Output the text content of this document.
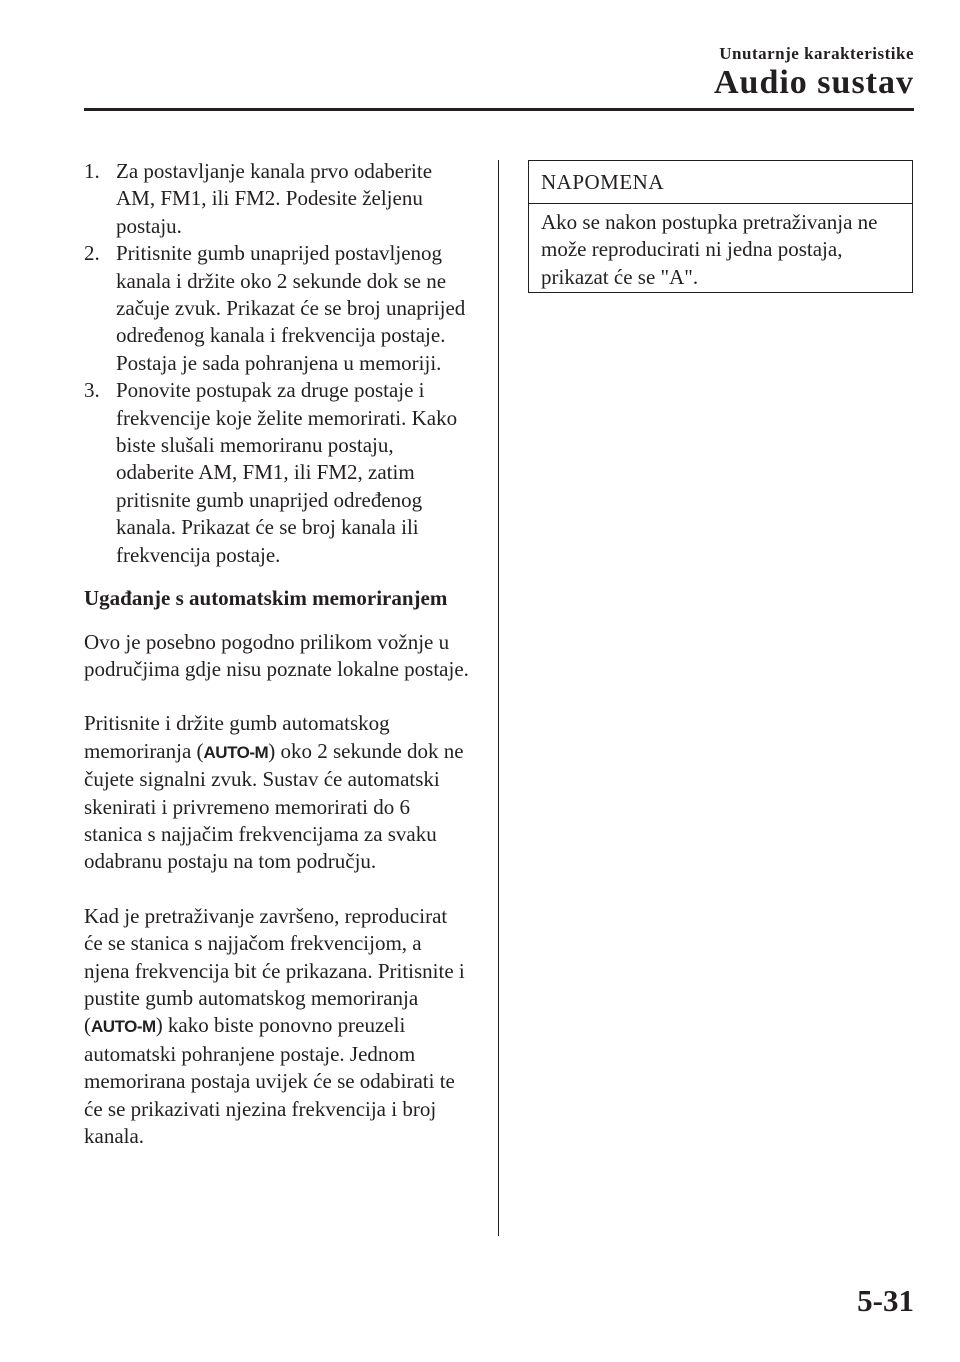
Unutarnje karakteristike
Audio sustav
1. Za postavljanje kanala prvo odaberite AM, FM1, ili FM2. Podesite željenu postaju.
2. Pritisnite gumb unaprijed postavljenog kanala i držite oko 2 sekunde dok se ne začuje zvuk. Prikazat će se broj unaprijed određenog kanala i frekvencija postaje. Postaja je sada pohranjena u memoriji.
3. Ponovite postupak za druge postaje i frekvencije koje želite memorirati. Kako biste slušali memoriranu postaju, odaberite AM, FM1, ili FM2, zatim pritisnite gumb unaprijed određenog kanala. Prikazat će se broj kanala ili frekvencija postaje.
Ugađanje s automatskim memoriranjem

Ovo je posebno pogodno prilikom vožnje u područjima gdje nisu poznate lokalne postaje.

Pritisnite i držite gumb automatskog memoriranja (AUTO-M) oko 2 sekunde dok ne čujete signalni zvuk. Sustav će automatski skenirati i privremeno memorirati do 6 stanica s najjačim frekvencijama za svaku odabranu postaju na tom području.

Kad je pretraživanje završeno, reproducirat će se stanica s najjačom frekvencijom, a njena frekvencija bit će prikazana. Pritisnite i pustite gumb automatskog memoriranja (AUTO-M) kako biste ponovno preuzeli automatski pohranjene postaje. Jednom memorirana postaja uvijek će se odabirati te će se prikazivati njezina frekvencija i broj kanala.

NAPOMENA
Ako se nakon postupka pretraživanja ne može reproducirati ni jedna postaja, prikazat će se "A".
5-31
